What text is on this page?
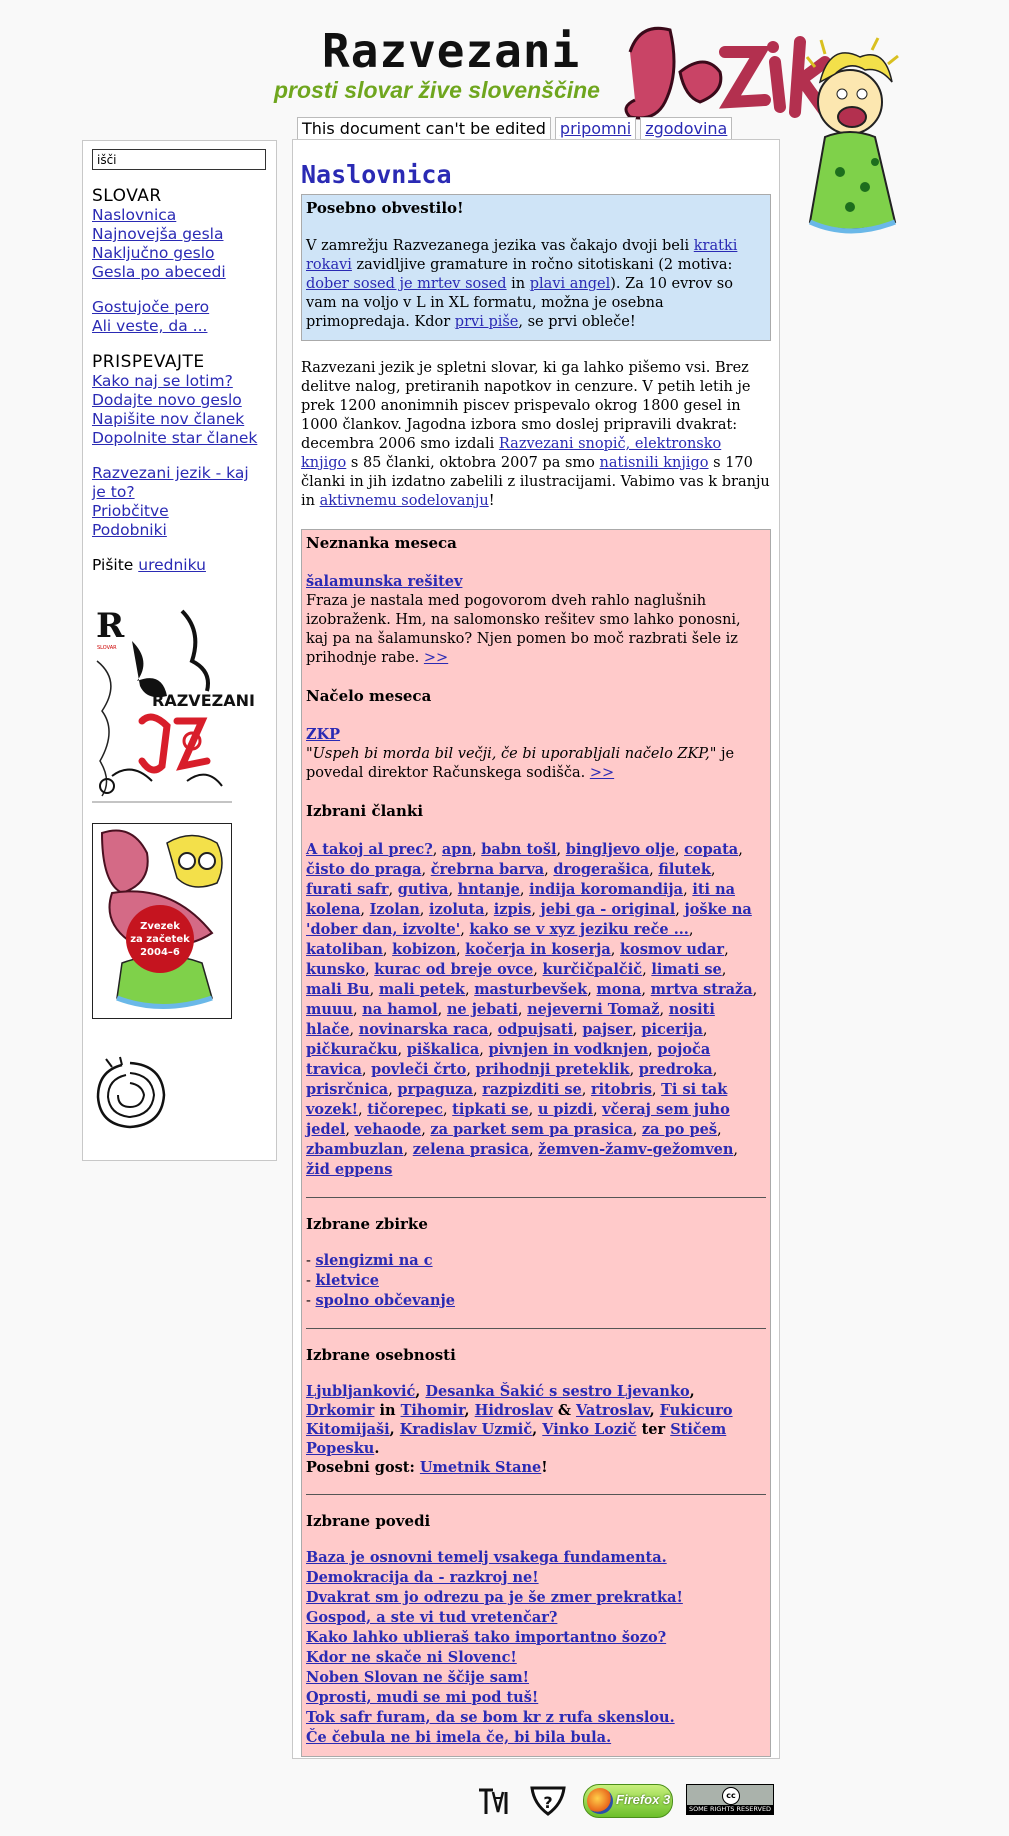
Razvezani
prosti slovar žive slovenščine
This document can't be edited pripomni zgodovina
išči
SLOVAR
Naslovnica
Najnovejša gesla
Naključno geslo
Gesla po abecedi
Gostujoče pero
Ali veste, da ...
PRISPEVAJTE
Kako naj se lotim?
Dodajte novo geslo
Napišite nov članek
Dopolnite star članek
Razvezani jezik - kaj je to?
Priobčitve
Podobniki
Pišite uredniku
R
SLOVAR
RAZVEZANI
Zvezek
za začetek
2004–6
Naslovnica
Posebno obvestilo!
V zamrežju Razvezanega jezika vas čakajo dvoji beli kratki rokavi zavidljive gramature in ročno sitotiskani (2 motiva: dober sosed je mrtev sosed in plavi angel). Za 10 evrov so vam na voljo v L in XL formatu, možna je osebna primopredaja. Kdor prvi piše, se prvi obleče!
Razvezani jezik je spletni slovar, ki ga lahko pišemo vsi. Brez delitve nalog, pretiranih napotkov in cenzure. V petih letih je prek 1200 anonimnih piscev prispevalo okrog 1800 gesel in 1000 člankov. Jagodna izbora smo doslej pripravili dvakrat: decembra 2006 smo izdali Razvezani snopič, elektronsko knjigo s 85 članki, oktobra 2007 pa smo natisnili knjigo s 170 članki in jih izdatno zabelili z ilustracijami. Vabimo vas k branju in aktivnemu sodelovanju!
Neznanka meseca
šalamunska rešitev
Fraza je nastala med pogovorom dveh rahlo naglušnih izobraženk. Hm, na salomonsko rešitev smo lahko ponosni, kaj pa na šalamunsko? Njen pomen bo moč razbrati šele iz prihodnje rabe. >>
Načelo meseca
ZKP
"Uspeh bi morda bil večji, če bi uporabljali načelo ZKP," je povedal direktor Računskega sodišča. >>
Izbrani članki
A takoj al prec?, apn, babn tošl, bingljevo olje, copata, čisto do praga, črebrna barva, drogerašica, filutek, furati safr, gutiva, hntanje, indija koromandija, iti na kolena, Izolan, izoluta, izpis, jebi ga - original, joške na 'dober dan, izvolte', kako se v xyz jeziku reče ..., katoliban, kobizon, kočerja in koserja, kosmov udar, kunsko, kurac od breje ovce, kurčičpalčič, limati se, mali Bu, mali petek, masturbevšek, mona, mrtva straža, muuu, na hamol, ne jebati, nejeverni Tomaž, nositi hlače, novinarska raca, odpujsati, pajser, picerija, pičkuračku, piškalica, pivnjen in vodknjen, pojoča travica, povleči črto, prihodnji preteklik, predroka, prisrčnica, prpaguza, razpizditi se, ritobris, Ti si tak vozek!, tičorepec, tipkati se, u pizdi, včeraj sem juho jedel, vehaode, za parket sem pa prasica, za po peš, zbambuzlan, zelena prasica, žemven-žamv-gežomven, žid eppens
Izbrane zbirke
- slengizmi na c
- kletvice
- spolno občevanje
Izbrane osebnosti
Ljubljanković, Desanka Šakić s sestro Ljevanko, Drkomir in Tihomir, Hidroslav & Vatroslav, Fukicuro Kitomijaši, Kradislav Uzmič, Vinko Lozič ter Stičem Popesku.
Posebni gost: Umetnik Stane!
Izbrane povedi
Baza je osnovni temelj vsakega fundamenta.
Demokracija da - razkroj ne!
Dvakrat sm jo odrezu pa je še zmer prekratka!
Gospod, a ste vi tud vretenčar?
Kako lahko ublieraš tako importantno šozo?
Kdor ne skače ni Slovenc!
Noben Slovan ne ščije sam!
Oprosti, mudi se mi pod tuš!
Tok safr furam, da se bom kr z rufa skenslou.
Če čebula ne bi imela če, bi bila bula.
?	Firefox 3	cc
SOME RIGHTS RESERVED
